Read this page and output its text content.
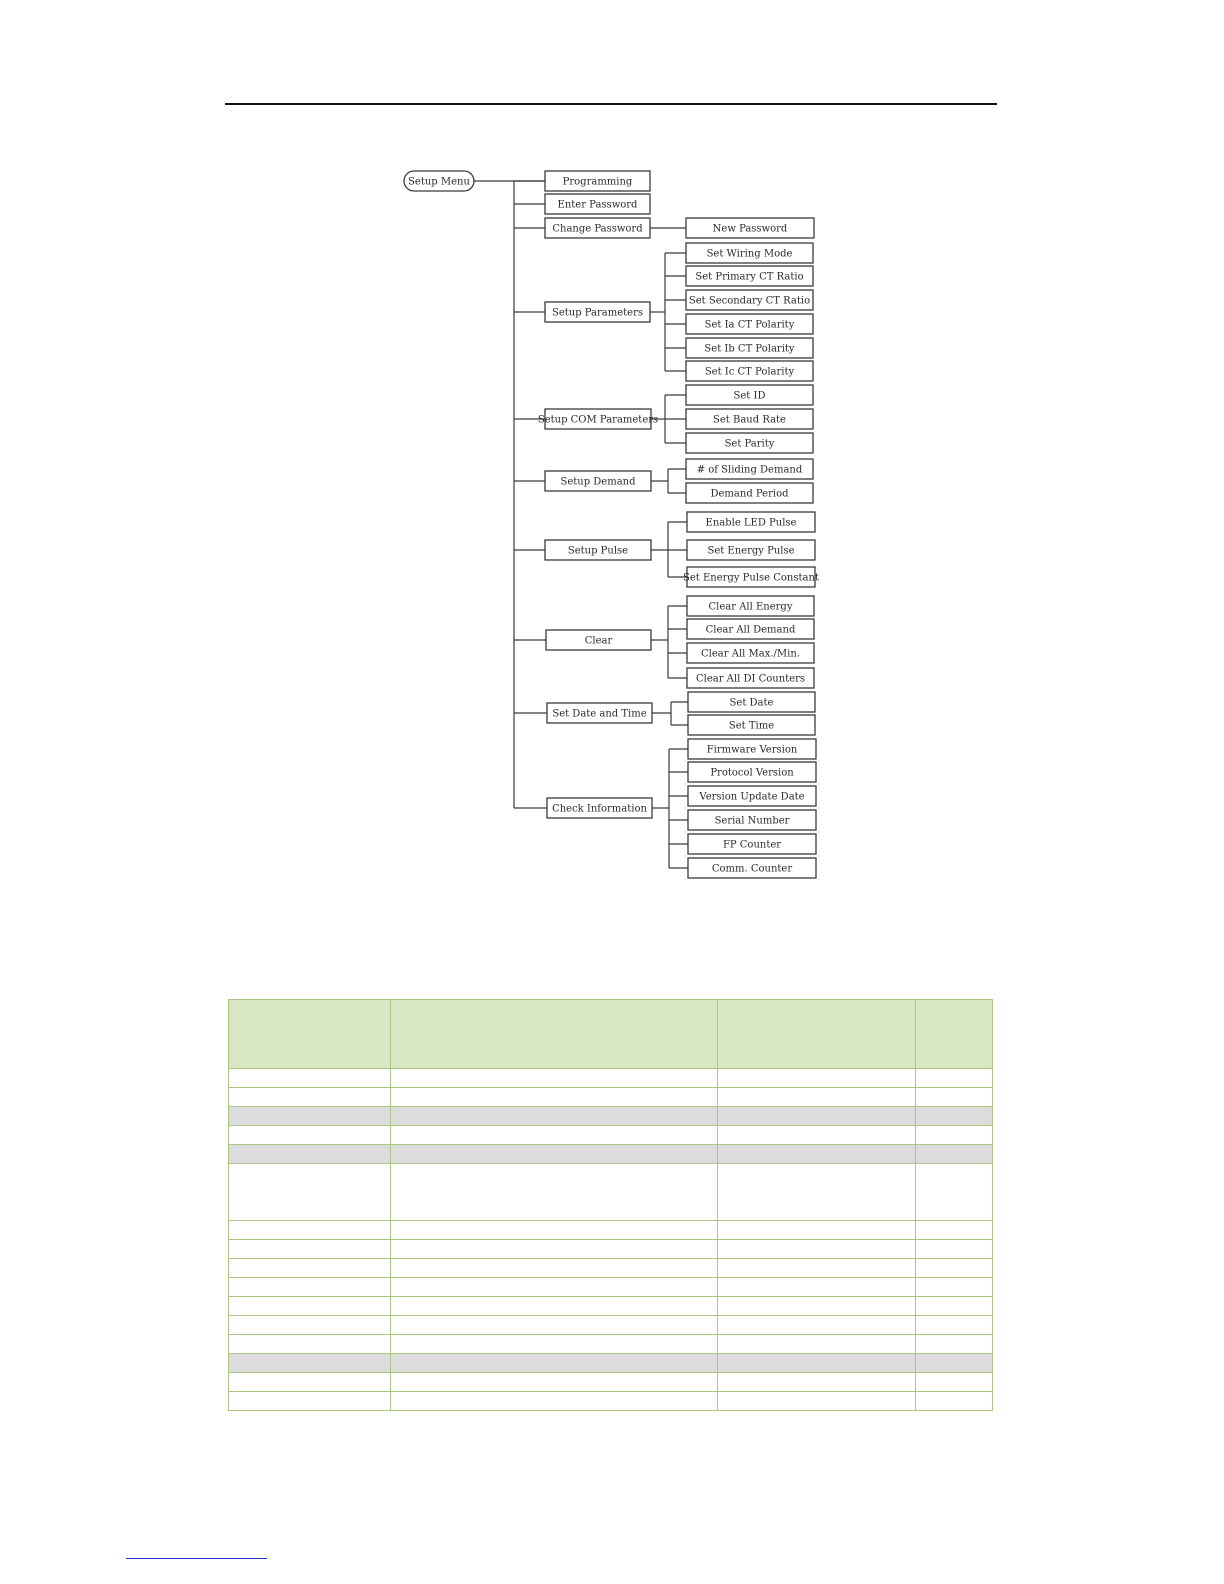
Setup Menu	Programming
Enter Password
Change Password	New Password
Setup Parameters
Set Wiring Mode
Set Primary CT Ratio
Set Secondary CT Ratio
Set Ia CT Polarity
Set Ib CT Polarity
Set Ic CT Polarity
Setup COM Parameters
Set ID
Set Baud Rate
Set Parity
Setup Demand
# of Sliding Demand
Demand Period
Setup Pulse
Enable LED Pulse
Set Energy Pulse
Set Energy Pulse Constant
Clear
Clear All Energy
Clear All Demand
Clear All Max./Min.
Clear All DI Counters
Set Date and Time
Set Date
Set Time
Check Information
Firmware Version
Protocol Version
Version Update Date
Serial Number
FP Counter
Comm. Counter
